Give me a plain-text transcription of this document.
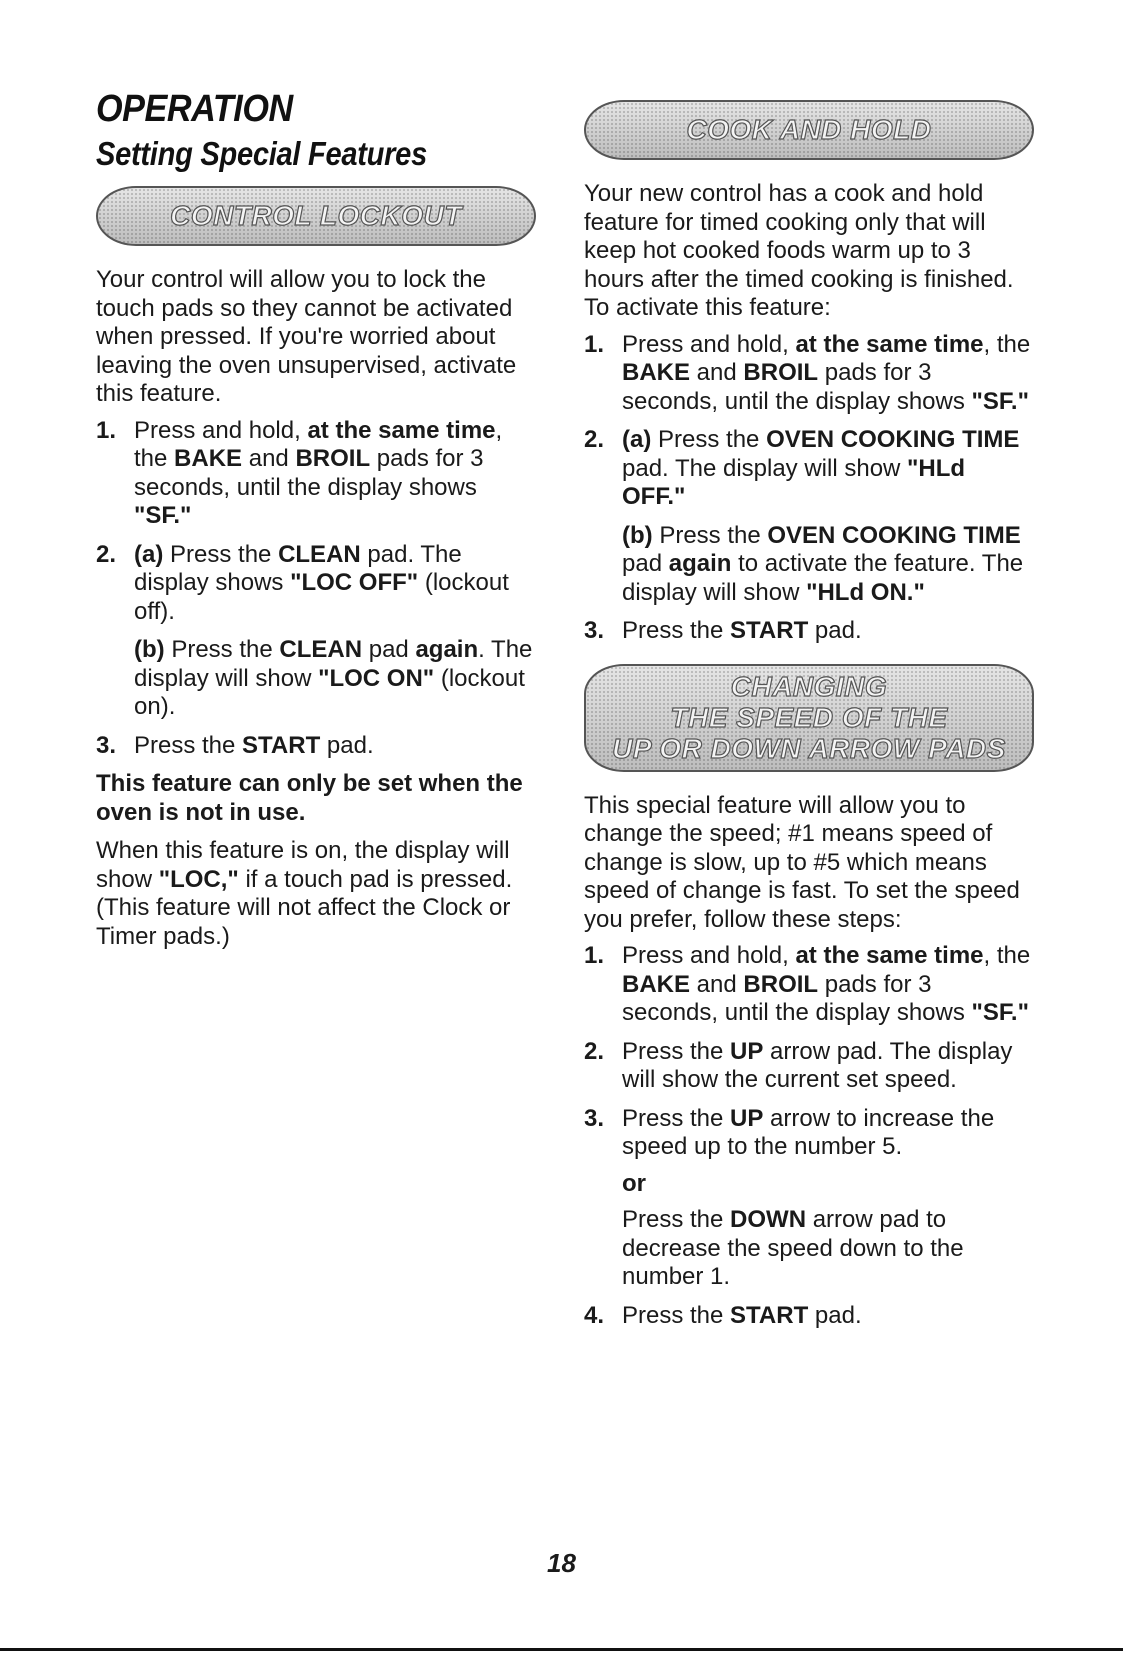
OPERATION
Setting Special Features
CONTROL LOCKOUT

Your control will allow you to lock the touch pads so they cannot be activated when pressed. If you're worried about leaving the oven unsupervised, activate this feature.

1. Press and hold, at the same time, the BAKE and BROIL pads for 3 seconds, until the display shows "SF."
2. (a) Press the CLEAN pad. The display shows "LOC OFF" (lockout off).
(b) Press the CLEAN pad again. The display will show "LOC ON" (lockout on).
3. Press the START pad.

This feature can only be set when the oven is not in use.

When this feature is on, the display will show "LOC," if a touch pad is pressed. (This feature will not affect the Clock or Timer pads.)

COOK AND HOLD

Your new control has a cook and hold feature for timed cooking only that will keep hot cooked foods warm up to 3 hours after the timed cooking is finished. To activate this feature:

1. Press and hold, at the same time, the BAKE and BROIL pads for 3 seconds, until the display shows "SF."
2. (a) Press the OVEN COOKING TIME pad. The display will show "HLd OFF."
(b) Press the OVEN COOKING TIME pad again to activate the feature. The display will show "HLd ON."
3. Press the START pad.
CHANGING
THE SPEED OF THE
UP OR DOWN ARROW PADS

This special feature will allow you to change the speed; #1 means speed of change is slow, up to #5 which means speed of change is fast. To set the speed you prefer, follow these steps:

1. Press and hold, at the same time, the BAKE and BROIL pads for 3 seconds, until the display shows "SF."
2. Press the UP arrow pad. The display will show the current set speed.
3. Press the UP arrow to increase the speed up to the number 5.
or
Press the DOWN arrow pad to decrease the speed down to the number 1.
4. Press the START pad.
18
